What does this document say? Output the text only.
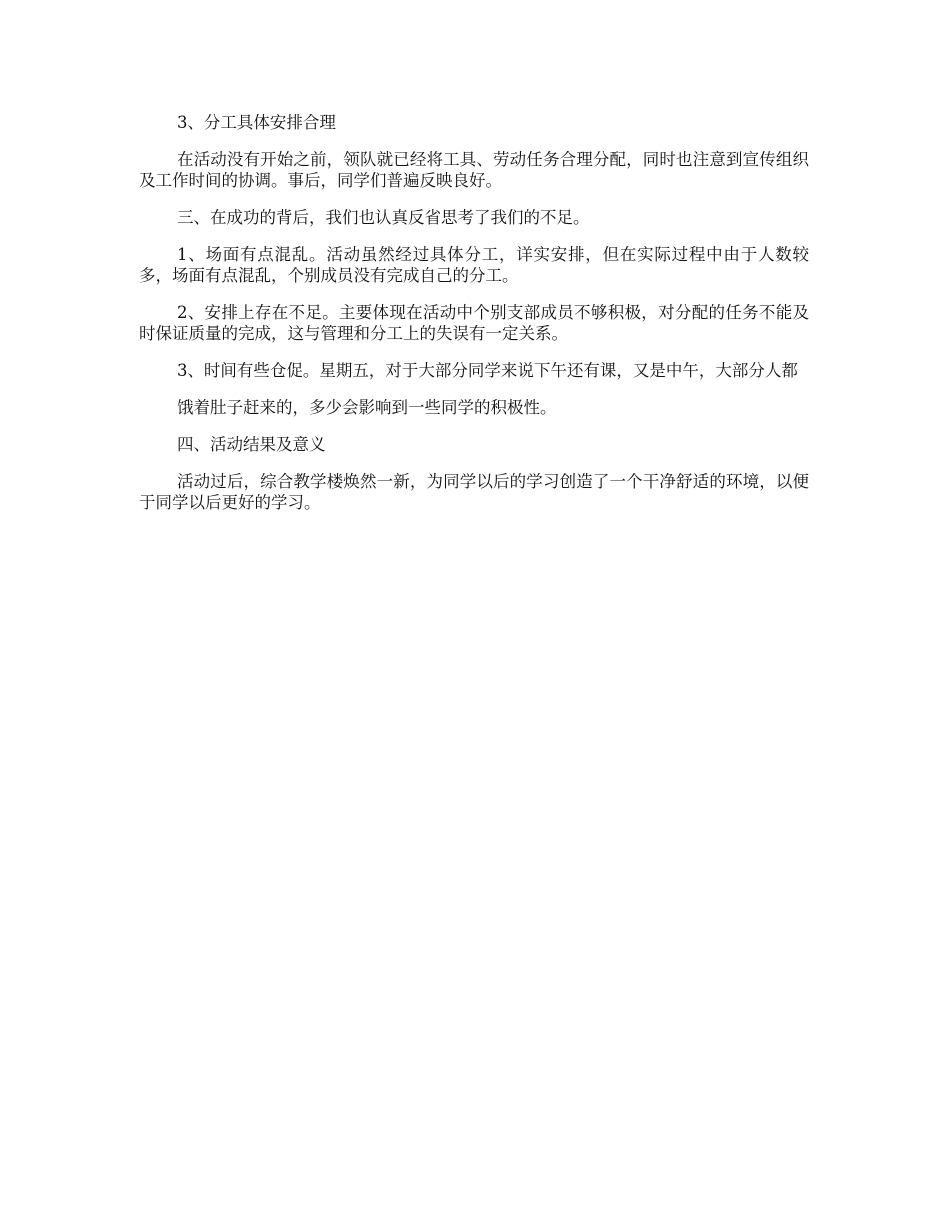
3、分工具体安排合理

在活动没有开始之前，领队就已经将工具、劳动任务合理分配，同时也注意到宣传组织及工作时间的协调。事后，同学们普遍反映良好。

三、在成功的背后，我们也认真反省思考了我们的不足。

1、场面有点混乱。活动虽然经过具体分工，详实安排，但在实际过程中由于人数较多，场面有点混乱，个别成员没有完成自己的分工。

2、安排上存在不足。主要体现在活动中个别支部成员不够积极，对分配的任务不能及时保证质量的完成，这与管理和分工上的失误有一定关系。

3、时间有些仓促。星期五，对于大部分同学来说下午还有课，又是中午，大部分人都

饿着肚子赶来的，多少会影响到一些同学的积极性。

四、活动结果及意义

活动过后，综合教学楼焕然一新，为同学以后的学习创造了一个干净舒适的环境，以便于同学以后更好的学习。
